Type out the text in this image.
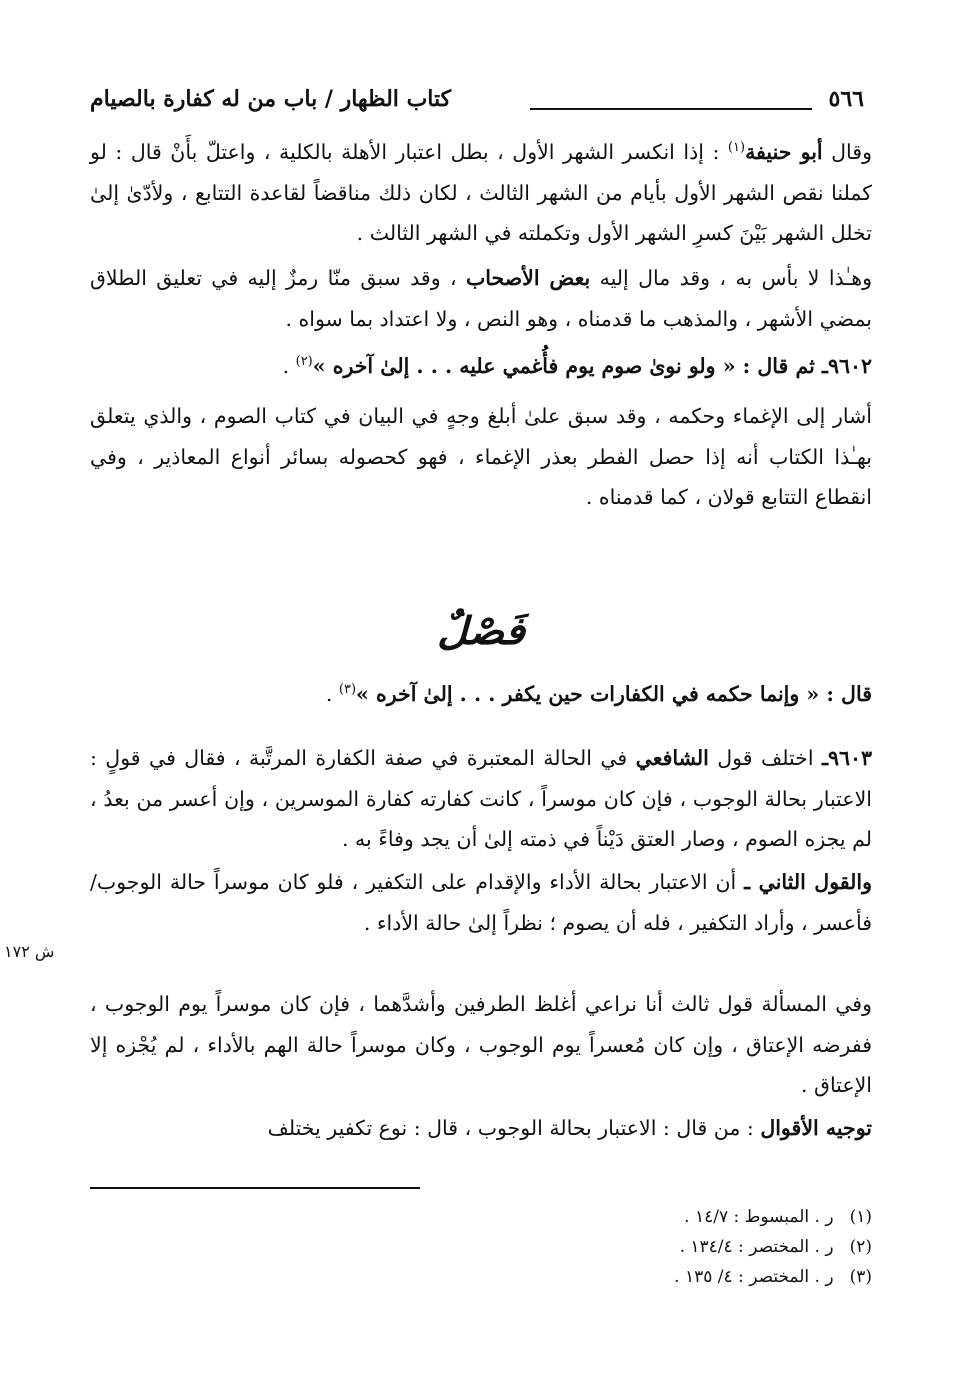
٥٦٦
كتاب الظهار / باب من له كفارة بالصيام

وقال أبو حنيفة$^{(١)}$ : إذا انكسر الشهر الأول ، بطل اعتبار الأهلة بالكلية ، واعتلّ بأَنْ قال : لو كملنا نقص الشهر الأول بأيام من الشهر الثالث ، لكان ذلك مناقضاً لقاعدة التتابع ، ولأدّىٰ إلىٰ تخلل الشهر بَيْنَ كسرِ الشهر الأول وتكملته في الشهر الثالث .

وهـٰذا لا بأس به ، وقد مال إليه بعض الأصحاب ، وقد سبق منّا رمزٌ إليه في تعليق الطلاق بمضي الأشهر ، والمذهب ما قدمناه ، وهو النص ، ولا اعتداد بما سواه .

٩٦٠٢ـ ثم قال : « ولو نوىٰ صوم يوم فأُغمي عليه . . . إلىٰ آخره »$^{(٢)}$ .

أشار إلى الإغماء وحكمه ، وقد سبق علىٰ أبلغ وجهٍ في البيان في كتاب الصوم ، والذي يتعلق بهـٰذا الكتاب أنه إذا حصل الفطر بعذر الإغماء ، فهو كحصوله بسائر أنواع المعاذير ، وفي انقطاع التتابع قولان ، كما قدمناه .

فَصْلٌ

قال : « وإنما حكمه في الكفارات حين يكفر . . . إلىٰ آخره »$^{(٣)}$ .

٩٦٠٣ـ اختلف قول الشافعي في الحالة المعتبرة في صفة الكفارة المرتَّبة ، فقال في قولٍ : الاعتبار بحالة الوجوب ، فإن كان موسراً ، كانت كفارته كفارة الموسرين ، وإن أعسر من بعدُ ، لم يجزه الصوم ، وصار العتق دَيْناً في ذمته إلىٰ أن يجد وفاءً به .

والقول الثاني ـ أن الاعتبار بحالة الأداء والإقدام على التكفير ، فلو كان موسراً حالة الوجوب/ فأعسر ، وأراد التكفير ، فله أن يصوم ؛ نظراً إلىٰ حالة الأداء .

ش ١٧٢

وفي المسألة قول ثالث أنا نراعي أغلظ الطرفين وأشدَّهما ، فإن كان موسراً يوم الوجوب ، ففرضه الإعتاق ، وإن كان مُعسراً يوم الوجوب ، وكان موسراً حالة الهم بالأداء ، لم يُجْزه إلا الإعتاق .

توجيه الأقوال : من قال : الاعتبار بحالة الوجوب ، قال : نوع تكفير يختلف

(١)
ر . المبسوط : ١٤/٧ .
(٢)
ر . المختصر : ١٣٤/٤ .
(٣)
ر . المختصر : ٤/ ١٣٥ .
